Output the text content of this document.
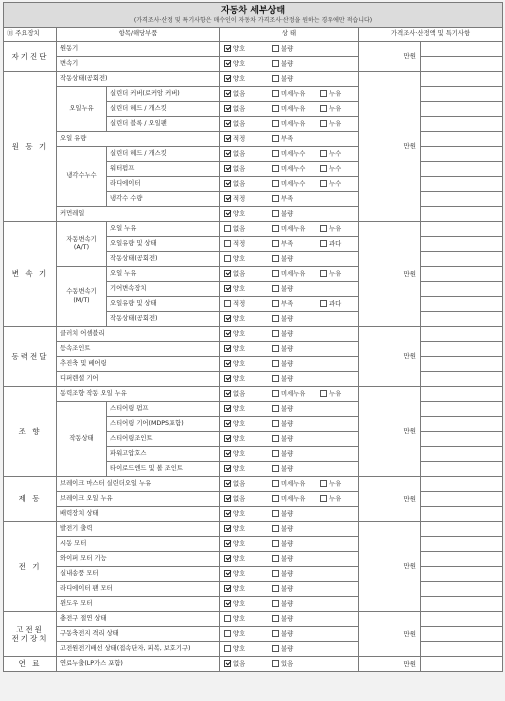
자동차 세부상태
(가격조사·산정 및 특기사항은 매수인이 자동차 가격조사·산정을 원하는 경우에만 적습니다)					

⑪ 주요장치	항목/해당부품		상 태	가격조사·산정액 및 특기사항	
자기진단	원동기		양호 불량	만원	
	변속기		양호 불량		
원 동 기	작동상태(공회전)		양호 불량	만원	
	오일누유	실린더 커버(로커암 커버)	없음 미세누유 누유		
		실린더 헤드 / 개스킷	없음 미세누유 누유		
		실린더 블록 / 오일팬	없음 미세누유 누유		
	오일 유량		적정 부족		
	냉각수누수	실린더 헤드 / 개스킷	없음 미세누수 누수		
		워터펌프	없음 미세누수 누수		
		라디에이터	없음 미세누수 누수		
		냉각수 수량	적정 부족		
	커먼레일		양호 불량		
변 속 기	자동변속기
(A/T)	오일 누유	없음 미세누유 누유	만원	
		오일유량 및 상태	적정 부족 과다		
		작동상태(공회전)	양호 불량		
	수동변속기
(M/T)	오일 누유	없음 미세누유 누유		
		기어변속장치	양호 불량		
		오일유량 및 상태	적정 부족 과다		
		작동상태(공회전)	양호 불량		
동력전달	클러치 어셈블리		양호 불량	만원	
	등속조인트		양호 불량		
	추진축 및 베어링		양호 불량		
	디퍼렌셜 기어		양호 불량		
조 향	동력조향 작동 오일 누유		없음 미세누유 누유	만원	
	작동상태	스티어링 펌프	양호 불량		
		스티어링 기어(MDPS포함)	양호 불량		
		스티어링조인트	양호 불량		
		파워고압호스	양호 불량		
		타이로드엔드 및 볼 조인트	양호 불량		
제 동	브레이크 마스터 실린더오일 누유		없음 미세누유 누유	만원	
	브레이크 오일 누유		없음 미세누유 누유		
	배력장치 상태		양호 불량		
전 기	발전기 출력		양호 불량	만원	
	시동 모터		양호 불량		
	와이퍼 모터 기능		양호 불량		
	실내송풍 모터		양호 불량		
	라디에이터 팬 모터		양호 불량		
	윈도우 모터		양호 불량		
고전원
전기장치	충전구 절연 상태		양호 불량	만원	
	구동축전지 격리 상태		양호 불량		
	고전원전기배선 상태(접속단자, 피복, 보호기구)		양호 불량		
연 료	연료누출(LP가스 포함)		없음 있음	만원	
